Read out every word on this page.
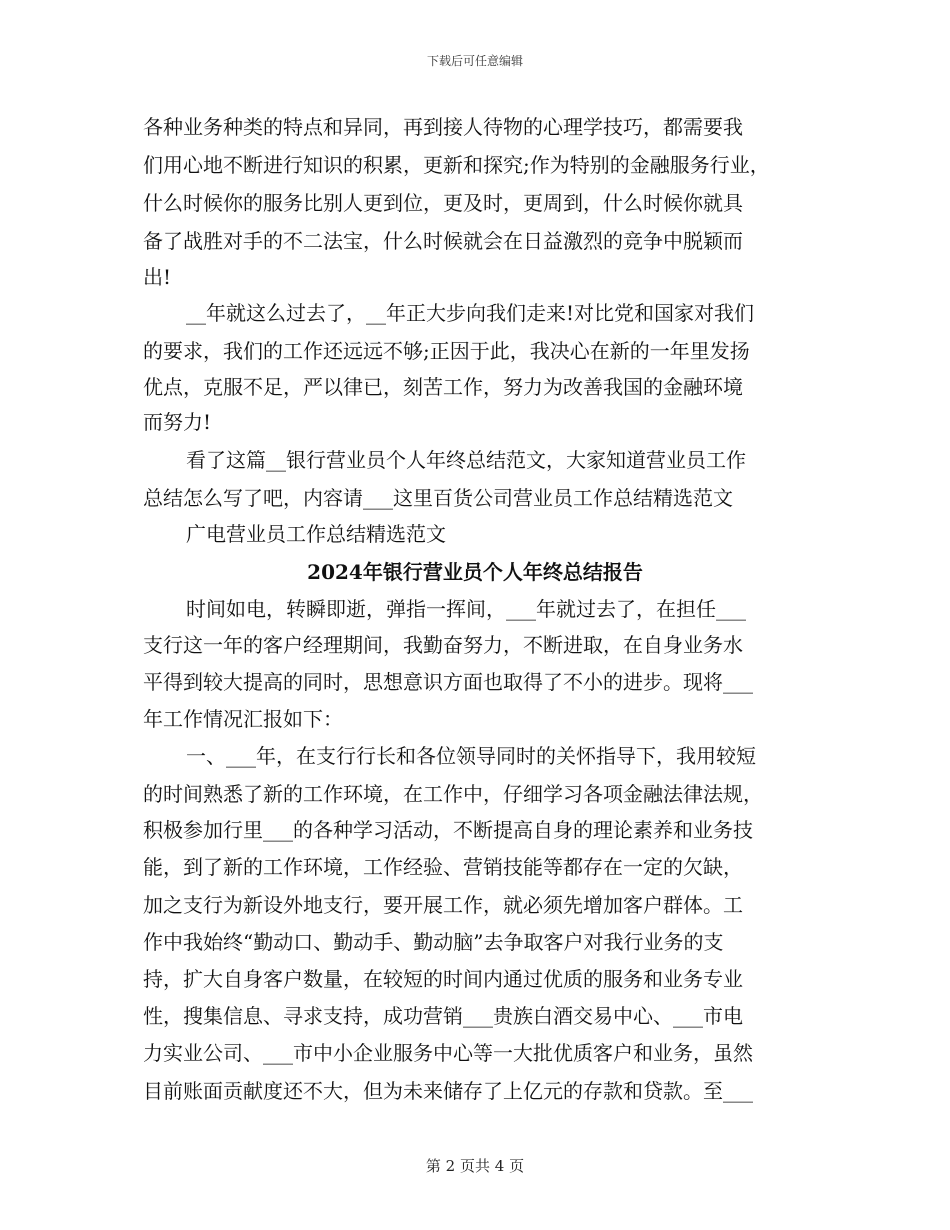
下载后可任意编辑
各种业务种类的特点和异同，再到接人待物的心理学技巧，都需要我
们用心地不断进行知识的积累，更新和探究;作为特别的金融服务行业，
什么时候你的服务比别人更到位，更及时，更周到，什么时候你就具
备了战胜对手的不二法宝，什么时候就会在日益激烈的竞争中脱颖而
出!
__年就这么过去了，__年正大步向我们走来!对比党和国家对我们
的要求，我们的工作还远远不够;正因于此，我决心在新的一年里发扬
优点，克服不足，严以律已，刻苦工作，努力为改善我国的金融环境
而努力!
看了这篇__银行营业员个人年终总结范文，大家知道营业员工作
总结怎么写了吧，内容请___这里百货公司营业员工作总结精选范文
广电营业员工作总结精选范文
2024年银行营业员个人年终总结报告
时间如电，转瞬即逝，弹指一挥间，___年就过去了，在担任___
支行这一年的客户经理期间，我勤奋努力，不断进取，在自身业务水
平得到较大提高的同时，思想意识方面也取得了不小的进步。现将___
年工作情况汇报如下：
一、___年，在支行行长和各位领导同时的关怀指导下，我用较短
的时间熟悉了新的工作环境，在工作中，仔细学习各项金融法律法规，
积极参加行里___的各种学习活动，不断提高自身的理论素养和业务技
能，到了新的工作环境，工作经验、营销技能等都存在一定的欠缺，
加之支行为新设外地支行，要开展工作，就必须先增加客户群体。工
作中我始终“勤动口、勤动手、勤动脑”去争取客户对我行业务的支
持，扩大自身客户数量，在较短的时间内通过优质的服务和业务专业
性，搜集信息、寻求支持，成功营销___贵族白酒交易中心、___市电
力实业公司、___市中小企业服务中心等一大批优质客户和业务，虽然
目前账面贡献度还不大，但为未来储存了上亿元的存款和贷款。至___
第 2 页共 4 页
